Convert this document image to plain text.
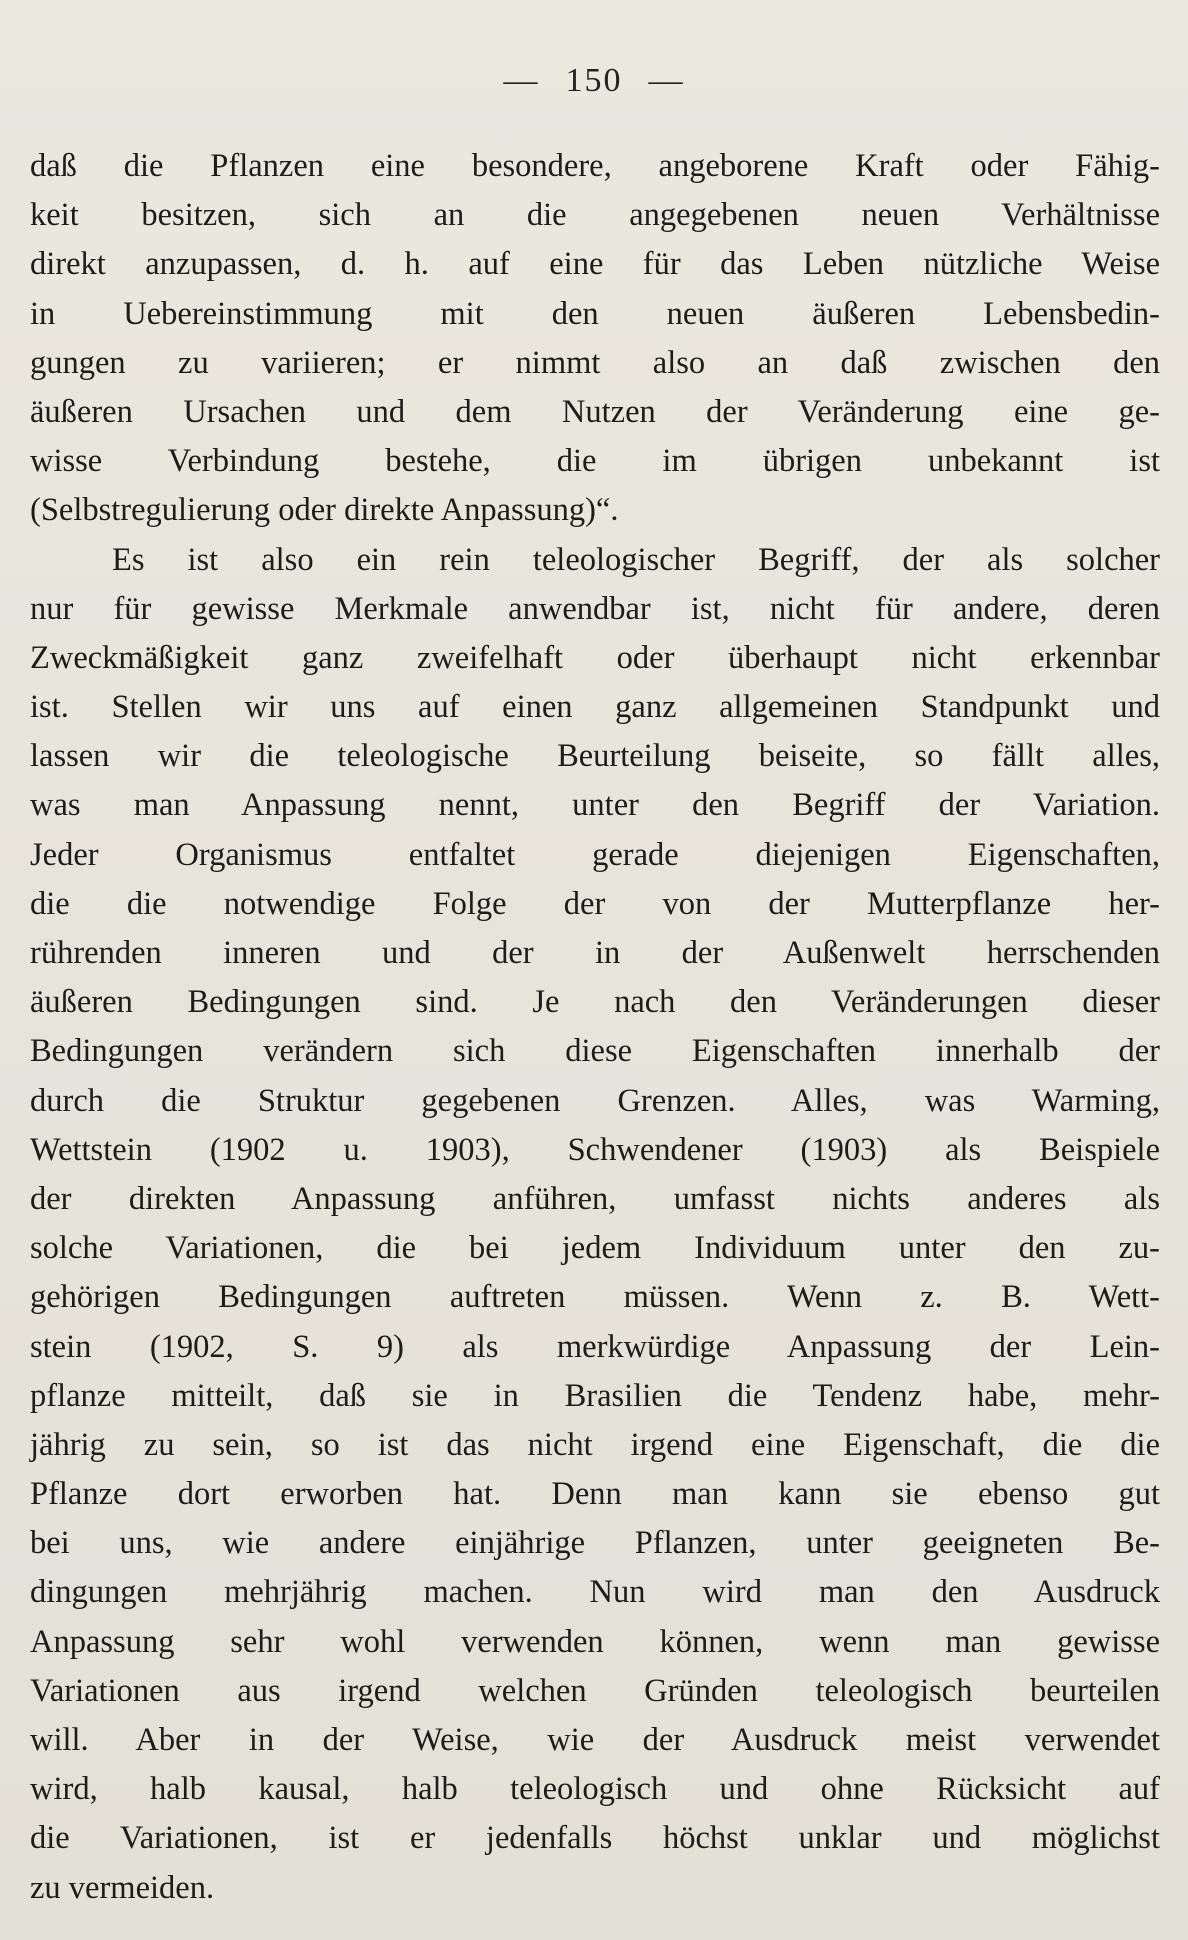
— 150 —
daß die Pflanzen eine besondere, angeborene Kraft oder Fähig-
keit besitzen, sich an die angegebenen neuen Verhältnisse
direkt anzupassen, d. h. auf eine für das Leben nützliche Weise
in Uebereinstimmung mit den neuen äußeren Lebensbedin-
gungen zu variieren; er nimmt also an daß zwischen den
äußeren Ursachen und dem Nutzen der Veränderung eine ge-
wisse Verbindung bestehe, die im übrigen unbekannt ist
(Selbstregulierung oder direkte Anpassung)“.
Es ist also ein rein teleologischer Begriff, der als solcher
nur für gewisse Merkmale anwendbar ist, nicht für andere, deren
Zweckmäßigkeit ganz zweifelhaft oder überhaupt nicht erkennbar
ist. Stellen wir uns auf einen ganz allgemeinen Standpunkt und
lassen wir die teleologische Beurteilung beiseite, so fällt alles,
was man Anpassung nennt, unter den Begriff der Variation.
Jeder Organismus entfaltet gerade diejenigen Eigenschaften,
die die notwendige Folge der von der Mutterpflanze her-
rührenden inneren und der in der Außenwelt herrschenden
äußeren Bedingungen sind. Je nach den Veränderungen dieser
Bedingungen verändern sich diese Eigenschaften innerhalb der
durch die Struktur gegebenen Grenzen. Alles, was Warming,
Wettstein (1902 u. 1903), Schwendener (1903) als Beispiele
der direkten Anpassung anführen, umfasst nichts anderes als
solche Variationen, die bei jedem Individuum unter den zu-
gehörigen Bedingungen auftreten müssen. Wenn z. B. Wett-
stein (1902, S. 9) als merkwürdige Anpassung der Lein-
pflanze mitteilt, daß sie in Brasilien die Tendenz habe, mehr-
jährig zu sein, so ist das nicht irgend eine Eigenschaft, die die
Pflanze dort erworben hat. Denn man kann sie ebenso gut
bei uns, wie andere einjährige Pflanzen, unter geeigneten Be-
dingungen mehrjährig machen. Nun wird man den Ausdruck
Anpassung sehr wohl verwenden können, wenn man gewisse
Variationen aus irgend welchen Gründen teleologisch beurteilen
will. Aber in der Weise, wie der Ausdruck meist verwendet
wird, halb kausal, halb teleologisch und ohne Rücksicht auf
die Variationen, ist er jedenfalls höchst unklar und möglichst
zu vermeiden.
